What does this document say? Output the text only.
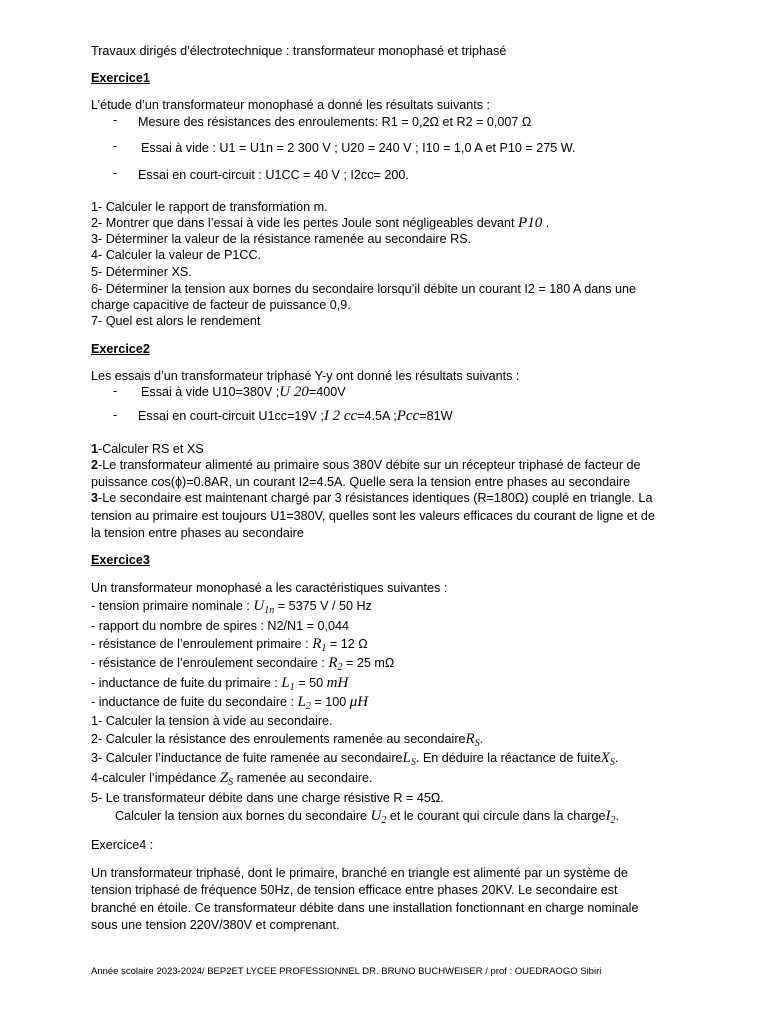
Travaux dirigés d’électrotechnique : transformateur monophasé et triphasé
Exercice1
L’étude d’un transformateur monophasé a donné les résultats suivants :
- Mesure des résistances des enroulements: R1 = 0,2Ω et R2 = 0,007 Ω
- Essai à vide : U1 = U1n = 2 300 V ; U20 = 240 V ; I10 = 1,0 A et P10 = 275 W.
- Essai en court-circuit : U1CC = 40 V ; I2cc= 200.
1- Calculer le rapport de transformation m.
2- Montrer que dans l’essai à vide les pertes Joule sont négligeables devant P10 .
3- Déterminer la valeur de la résistance ramenée au secondaire RS.
4- Calculer la valeur de P1CC.
5- Déterminer XS.
6- Déterminer la tension aux bornes du secondaire lorsqu’il débite un courant I2 = 180 A dans une
charge capacitive de facteur de puissance 0,9.
7- Quel est alors le rendement
Exercice2
Les essais d’un transformateur triphasé Y-y ont donné les résultats suivants :
- Essai à vide U10=380V ;U 20=400V
- Essai en court-circuit U1cc=19V ;I 2 cc=4.5A ;Pcc=81W
1-Calculer RS et XS
2-Le transformateur alimenté au primaire sous 380V débite sur un récepteur triphasé de facteur de
puissance cos(ϕ)=0.8AR, un courant I2=4.5A. Quelle sera la tension entre phases au secondaire
3-Le secondaire est maintenant chargé par 3 résistances identiques (R=180Ω) couplé en triangle. La
tension au primaire est toujours U1=380V, quelles sont les valeurs efficaces du courant de ligne et de
la tension entre phases au secondaire
Exercice3
Un transformateur monophasé a les caractéristiques suivantes :
- tension primaire nominale : $U_{1n} = 5375$ V / 50 Hz
- rapport du nombre de spires : N2/N1 = 0,044
- résistance de l’enroulement primaire : $R_1 = 12$ Ω
- résistance de l’enroulement secondaire : $R_2 = 25$ mΩ
- inductance de fuite du primaire : $L_1 = 50$ mH
- inductance de fuite du secondaire : $L_2 = 100$ μH
1- Calculer la tension à vide au secondaire.
2- Calculer la résistance des enroulements ramenée au secondaireR$_S$.
3- Calculer l’inductance de fuite ramenée au secondaireL$_S$. En déduire la réactance de fuiteX$_S$.
4-calculer l’impédance $Z_S$ ramenée au secondaire.
5- Le transformateur débite dans une charge résistive R = 45Ω.
Calculer la tension aux bornes du secondaire $U_2$ et le courant qui circule dans la chargeI$_2$.
Exercice4 :
Un transformateur triphasé, dont le primaire, branché en triangle est alimenté par un système de
tension triphasé de fréquence 50Hz, de tension efficace entre phases 20KV. Le secondaire est
branché en étoile. Ce transformateur débite dans une installation fonctionnant en charge nominale
sous une tension 220V/380V et comprenant.
Année scolaire 2023-2024/ BEP2ET LYCEE PROFESSIONNEL DR. BRUNO BUCHWEISER / prof : OUEDRAOGO Sibiri
